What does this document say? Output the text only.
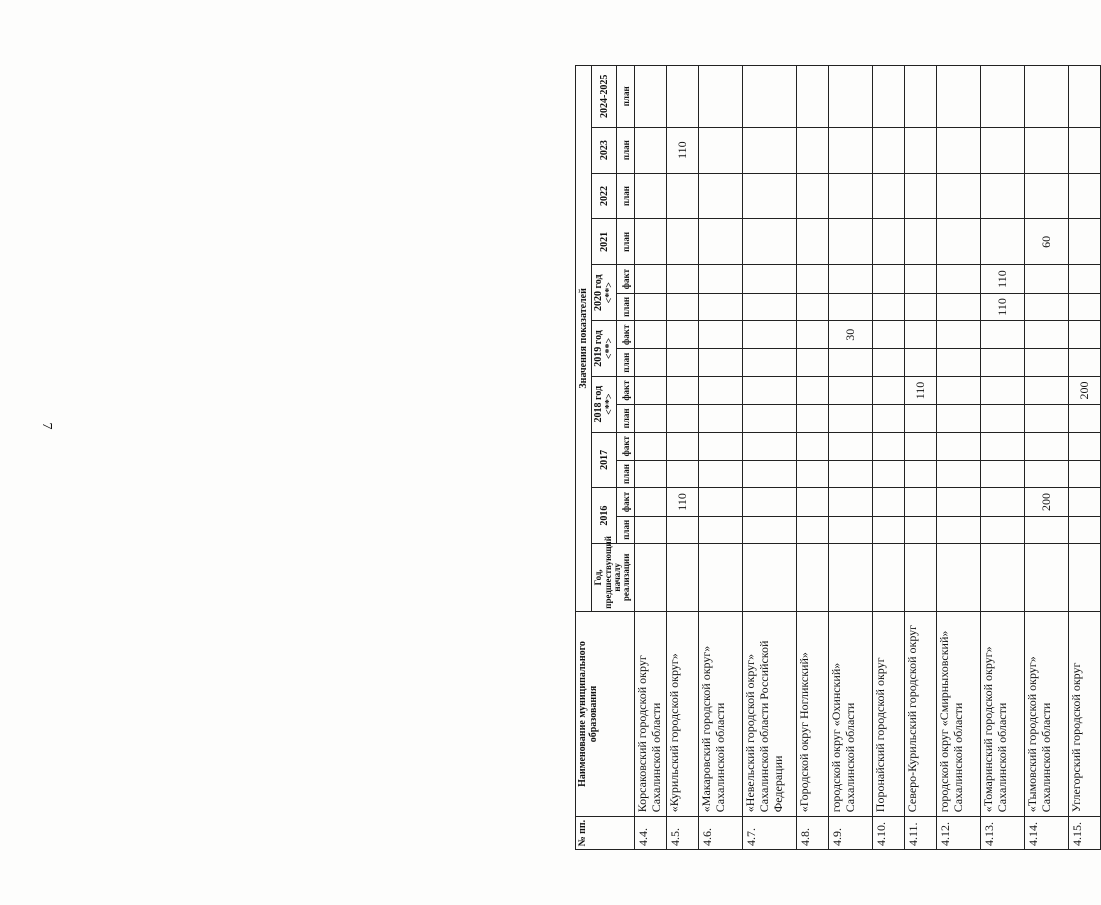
7
№ пп.	Наименование муниципального образования	Значения показателей														
		Год, предшествующий началу реализации	2016		2017		2018 год <**>		2019 год <**>		2020 год <**>		2021	2022	2023	2024-2025
			план	факт	план	факт	план	факт	план	факт	план	факт	план	план	план	план
4.4.	Корсаковский городской округ Сахалинской области															
4.5.	«Курильский городской округ»			110											110	
4.6.	«Макаровский городской округ» Сахалинской области															
4.7.	«Невельский городской округ» Сахалинской области Российской Федерации															
4.8.	«Городской округ Ногликский»															
4.9.	городской округ «Охинский» Сахалинской области									30						
4.10.	Поронайский городской округ															
4.11.	Северо-Курильский городской округ							110								
4.12.	городской округ «Смирныховский» Сахалинской области															
4.13.	«Томаринский городской округ» Сахалинской области										110	110				
4.14.	«Тымовский городской округ» Сахалинской области			200									60			
4.15.	Углегорский городской округ							200								
